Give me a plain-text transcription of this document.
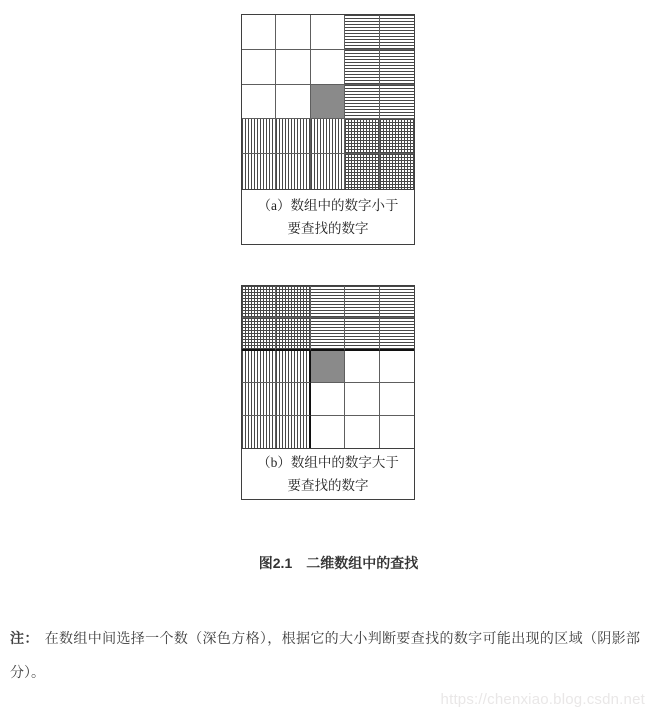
（a）数组中的数字小于
要查找的数字
（b）数组中的数字大于
要查找的数字
图2.1　二维数组中的查找
注： 在数组中间选择一个数（深色方格），根据它的大小判断要查找的数字可能出现的区域（阴影部分）。
https://chenxiao.blog.csdn.net
